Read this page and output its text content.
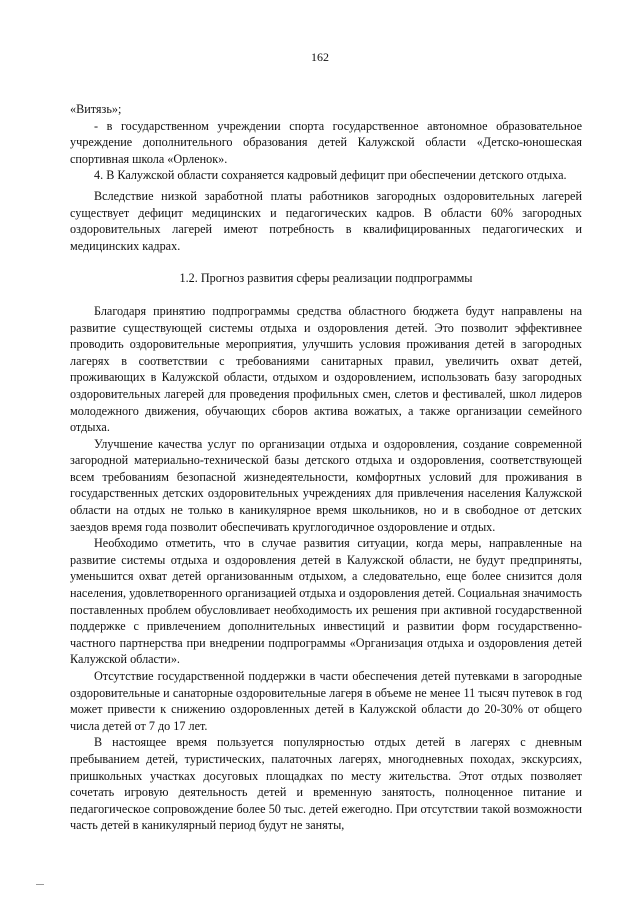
162

«Витязь»;

- в государственном учреждении спорта государственное автономное образовательное учреждение дополнительного образования детей Калужской области «Детско-юношеская спортивная школа «Орленок».

4. В Калужской области сохраняется кадровый дефицит при обеспечении детского отдыха.

Вследствие низкой заработной платы работников загородных оздоровительных лагерей существует дефицит медицинских и педагогических кадров. В области 60% загородных оздоровительных лагерей имеют потребность в квалифицированных педагогических и медицинских кадрах.

1.2. Прогноз развития сферы реализации подпрограммы

Благодаря принятию подпрограммы средства областного бюджета будут направлены на развитие существующей системы отдыха и оздоровления детей. Это позволит эффективнее проводить оздоровительные мероприятия, улучшить условия проживания детей в загородных лагерях в соответствии с требованиями санитарных правил, увеличить охват детей, проживающих в Калужской области, отдыхом и оздоровлением, использовать базу загородных оздоровительных лагерей для проведения профильных смен, слетов и фестивалей, школ лидеров молодежного движения, обучающих сборов актива вожатых, а также организации семейного отдыха.

Улучшение качества услуг по организации отдыха и оздоровления, создание современной загородной материально-технической базы детского отдыха и оздоровления, соответствующей всем требованиям безопасной жизнедеятельности, комфортных условий для проживания в государственных детских оздоровительных учреждениях для привлечения населения Калужской области на отдых не только в каникулярное время школьников, но и в свободное от детских заездов время года позволит обеспечивать круглогодичное оздоровление и отдых.

Необходимо отметить, что в случае развития ситуации, когда меры, направленные на развитие системы отдыха и оздоровления детей в Калужской области, не будут предприняты, уменьшится охват детей организованным отдыхом, а следовательно, еще более снизится доля населения, удовлетворенного организацией отдыха и оздоровления детей. Социальная значимость поставленных проблем обусловливает необходимость их решения при активной государственной поддержке с привлечением дополнительных инвестиций и развитии форм государственно-частного партнерства при внедрении подпрограммы «Организация отдыха и оздоровления детей Калужской области».

Отсутствие государственной поддержки в части обеспечения детей путевками в загородные оздоровительные и санаторные оздоровительные лагеря в объеме не менее 11 тысяч путевок в год может привести к снижению оздоровленных детей в Калужской области до 20-30% от общего числа детей от 7 до 17 лет.

В настоящее время пользуется популярностью отдых детей в лагерях с дневным пребыванием детей, туристических, палаточных лагерях, многодневных походах, экскурсиях, пришкольных участках досуговых площадках по месту жительства. Этот отдых позволяет сочетать игровую деятельность детей и временную занятость, полноценное питание и педагогическое сопровождение более 50 тыс. детей ежегодно. При отсутствии такой возможности часть детей в каникулярный период будут не заняты,
